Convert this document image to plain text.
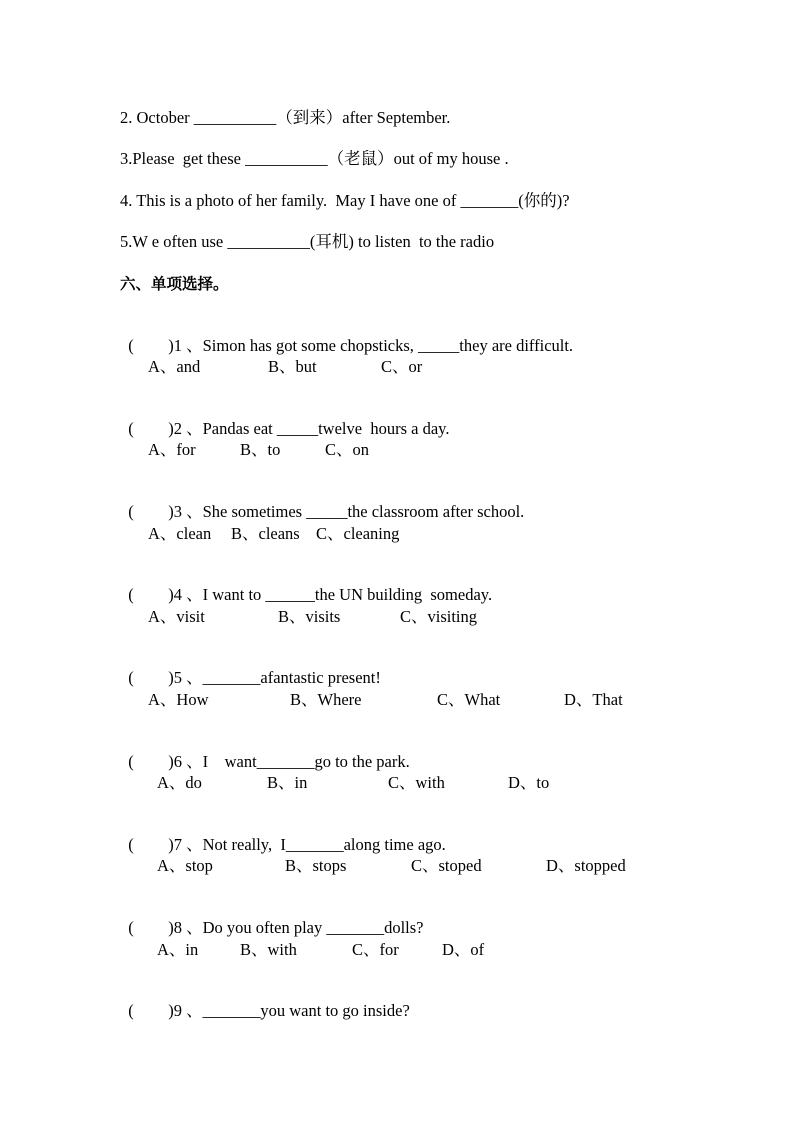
2. October __________（到来）after September.
3.Please  get these __________（老鼠）out of my house .
4. This is a photo of her family.  May I have one of _______(你的)?
5.W e often use __________(耳机) to listen  to the radio
六、单项选择。

( )1 、Simon has got some chopsticks, _____they are difficult.

A、and	B、but	C、or

( )2 、Pandas eat _____twelve  hours a day.

A、for	B、to	C、on

( )3 、She sometimes _____the classroom after school.

A、clean B、cleans C、cleaning

( )4 、I want to ______the UN building  someday.

A、visit	B、visits	C、visiting

( )5 、_______afantastic present!

A、How	B、Where	C、What	D、That

( )6 、I    want_______go to the park.

A、do	B、in	C、with	D、to

( )7 、Not really,  I_______along time ago.

A、stop	B、stops	C、stoped	D、stopped

( )8 、Do you often play _______dolls?

A、in	B、with	C、for	D、of

( )9 、_______you want to go inside?
